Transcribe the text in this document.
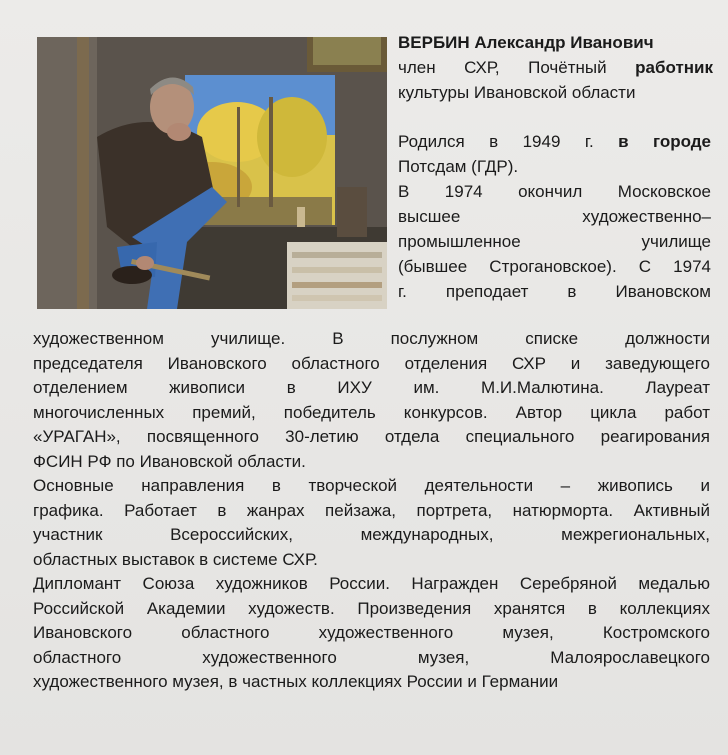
ВЕРБИН Александр Иванович
член СХР, Почётный работник
культуры Ивановской области
Родился в 1949 г. в городе
Потсдам (ГДР).
В 1974 окончил Московское
высшее художественно–
промышленное училище
(бывшее Строгановское). С 1974
г. преподает в Ивановском
художественном училище. В послужном списке должности
председателя Ивановского областного отделения СХР и заведующего
отделением живописи в ИХУ им. М.И.Малютина. Лауреат
многочисленных премий, победитель конкурсов. Автор цикла работ
«УРАГАН», посвященного 30-летию отдела специального реагирования
ФСИН РФ по Ивановской области.
Основные направления в творческой деятельности – живопись и
графика. Работает в жанрах пейзажа, портрета, натюрморта. Активный
участник Всероссийских, международных, межрегиональных,
областных выставок в системе СХР.
Дипломант Союза художников России. Награжден Серебряной медалью
Российской Академии художеств. Произведения хранятся в коллекциях
Ивановского областного художественного музея, Костромского
областного художественного музея, Малоярославецкого
художественного музея, в частных коллекциях России и Германии
